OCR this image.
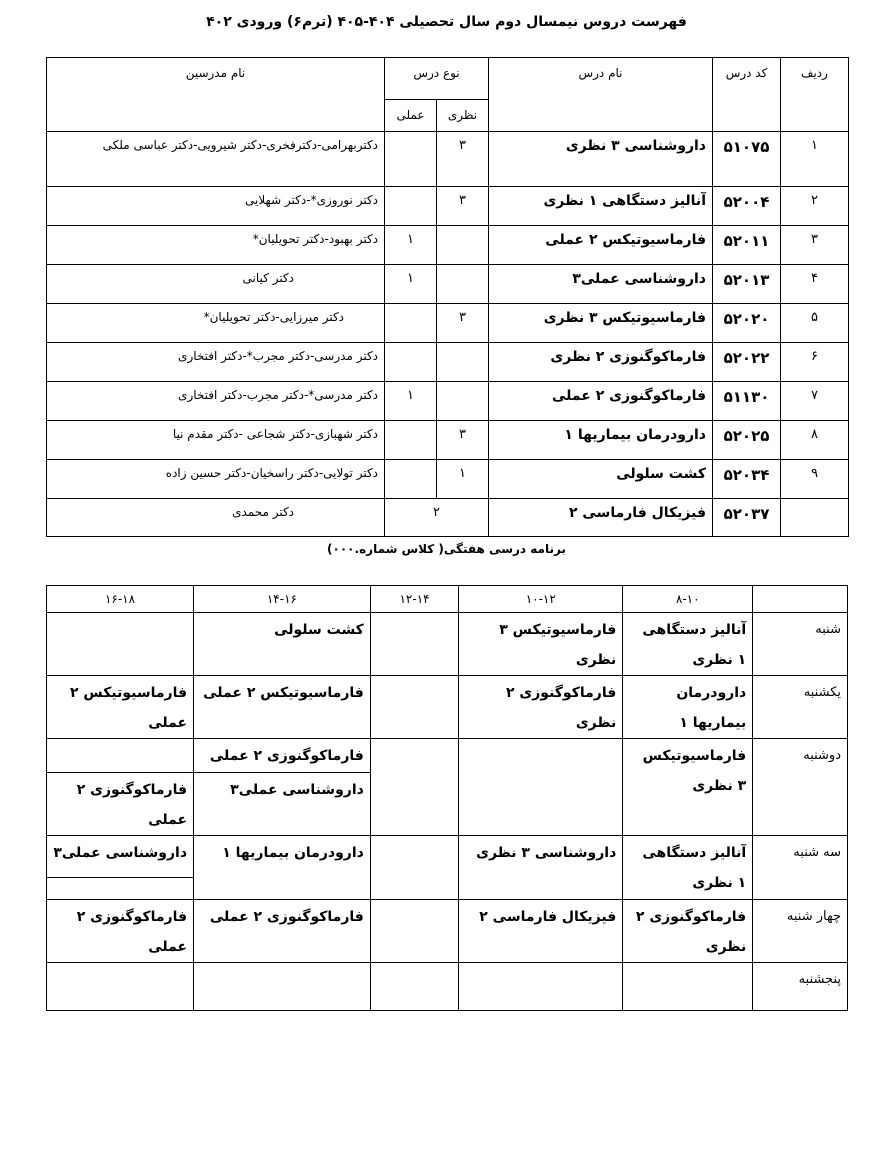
فهرست دروس نیمسال دوم سال تحصیلی ۴۰۴-۴۰۵ (ترم۶) ورودی ۴۰۲
ردیف	کد درس	نام درس	نوع درس		نام مدرسین
			نظری	عملی	
۱	۵۱۰۷۵	داروشناسی ۳ نظری	۳		دکتربهرامی-دکترفخری-دکتر شیرویی-دکتر عباسی ملکی
۲	۵۲۰۰۴	آنالیز دستگاهی ۱ نظری	۳		دکتر نوروزی*-دکتر شهلایی
۳	۵۲۰۱۱	فارماسیوتیکس ۲ عملی		۱	دکتر بهبود-دکتر تحویلیان*
۴	۵۲۰۱۳	داروشناسی عملی۳		۱	دکتر کیانی
۵	۵۲۰۲۰	فارماسیوتیکس ۳ نظری	۳		دکتر میرزایی-دکتر تحویلیان*
۶	۵۲۰۲۲	فارماکوگنوزی ۲ نظری			دکتر مدرسی-دکتر مجرب*-دکتر افتخاری
۷	۵۱۱۳۰	فارماکوگنوزی ۲ عملی		۱	دکتر مدرسی*-دکتر مجرب-دکتر افتخاری
۸	۵۲۰۲۵	دارودرمان بیماریها ۱	۳		دکتر شهبازی-دکتر شجاعی -دکتر مقدم نیا
۹	۵۲۰۳۴	کشت سلولی	۱		دکتر تولایی-دکتر راسخیان-دکتر حسین زاده
	۵۲۰۳۷	فیزیکال فارماسی ۲	۲		دکتر محمدی
برنامه درسی هفتگی( کلاس شماره.۰۰۰)
	۸-۱۰	۱۰-۱۲	۱۲-۱۴	۱۴-۱۶	۱۶-۱۸
شنبه	آنالیز دستگاهی ۱ نظری	فارماسیوتیکس ۳ نظری		کشت سلولی	
یکشنبه	دارودرمان بیماریها ۱	فارماکوگنوزی ۲ نظری		فارماسیوتیکس ۲ عملی	فارماسیوتیکس ۲ عملی
دوشنبه	فارماسیوتیکس ۳ نظری			فارماکوگنوزی ۲ عملی	
				داروشناسی عملی۳	فارماکوگنوزی ۲ عملی
سه شنبه	آنالیز دستگاهی ۱ نظری	داروشناسی ۳ نظری		دارودرمان بیماریها ۱	داروشناسی عملی۳

چهار شنبه	فارماکوگنوزی ۲ نظری	فیزیکال فارماسی ۲		فارماکوگنوزی ۲ عملی	فارماکوگنوزی ۲ عملی
پنجشنبه					
